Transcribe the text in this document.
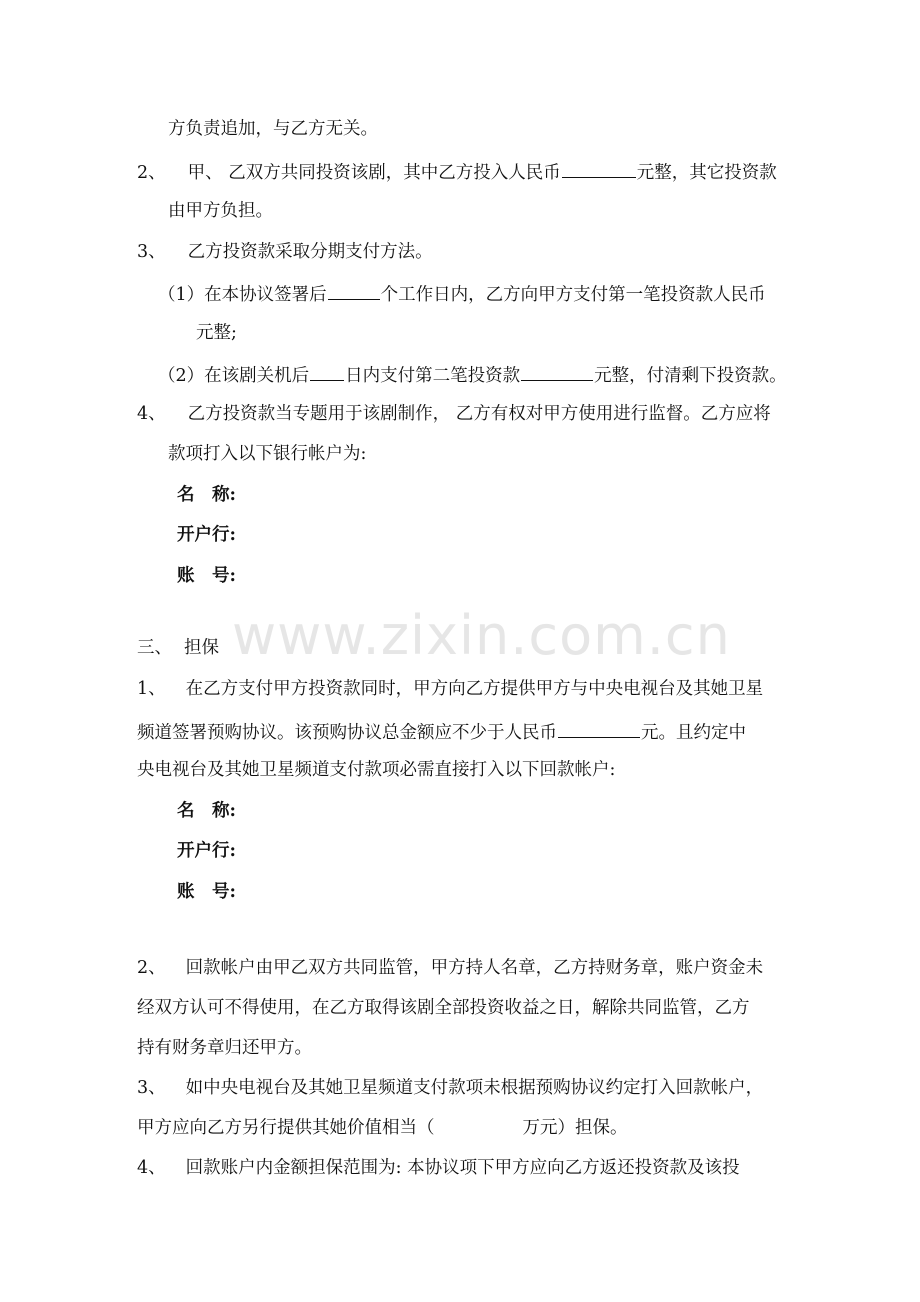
www.zixin.com.cn
方负责追加，与乙方无关。
2、 甲、 乙双方共同投资该剧，其中乙方投入人民币	元整，其它投资款
由甲方负担。
3、 乙方投资款采取分期支付方法。
（1）在本协议签署后	个工作日内，乙方向甲方支付第一笔投资款人民币
元整;
（2）在该剧关机后 日内支付第二笔投资款	元整，付清剩下投资款。
4、 乙方投资款当专题用于该剧制作， 乙方有权对甲方使用进行监督。乙方应将
款项打入以下银行帐户为:
名　称:
开户行:
账　号:
三、 担保
1、 在乙方支付甲方投资款同时，甲方向乙方提供甲方与中央电视台及其她卫星
频道签署预购协议。该预购协议总金额应不少于人民币	元。且约定中
央电视台及其她卫星频道支付款项必需直接打入以下回款帐户:
名　称:
开户行:
账　号:
2、 回款帐户由甲乙双方共同监管，甲方持人名章，乙方持财务章，账户资金未
经双方认可不得使用，在乙方取得该剧全部投资收益之日，解除共同监管，乙方
持有财务章归还甲方。
3、 如中央电视台及其她卫星频道支付款项未根据预购协议约定打入回款帐户，
甲方应向乙方另行提供其她价值相当（	万元）担保。
4、 回款账户内金额担保范围为: 本协议项下甲方应向乙方返还投资款及该投
